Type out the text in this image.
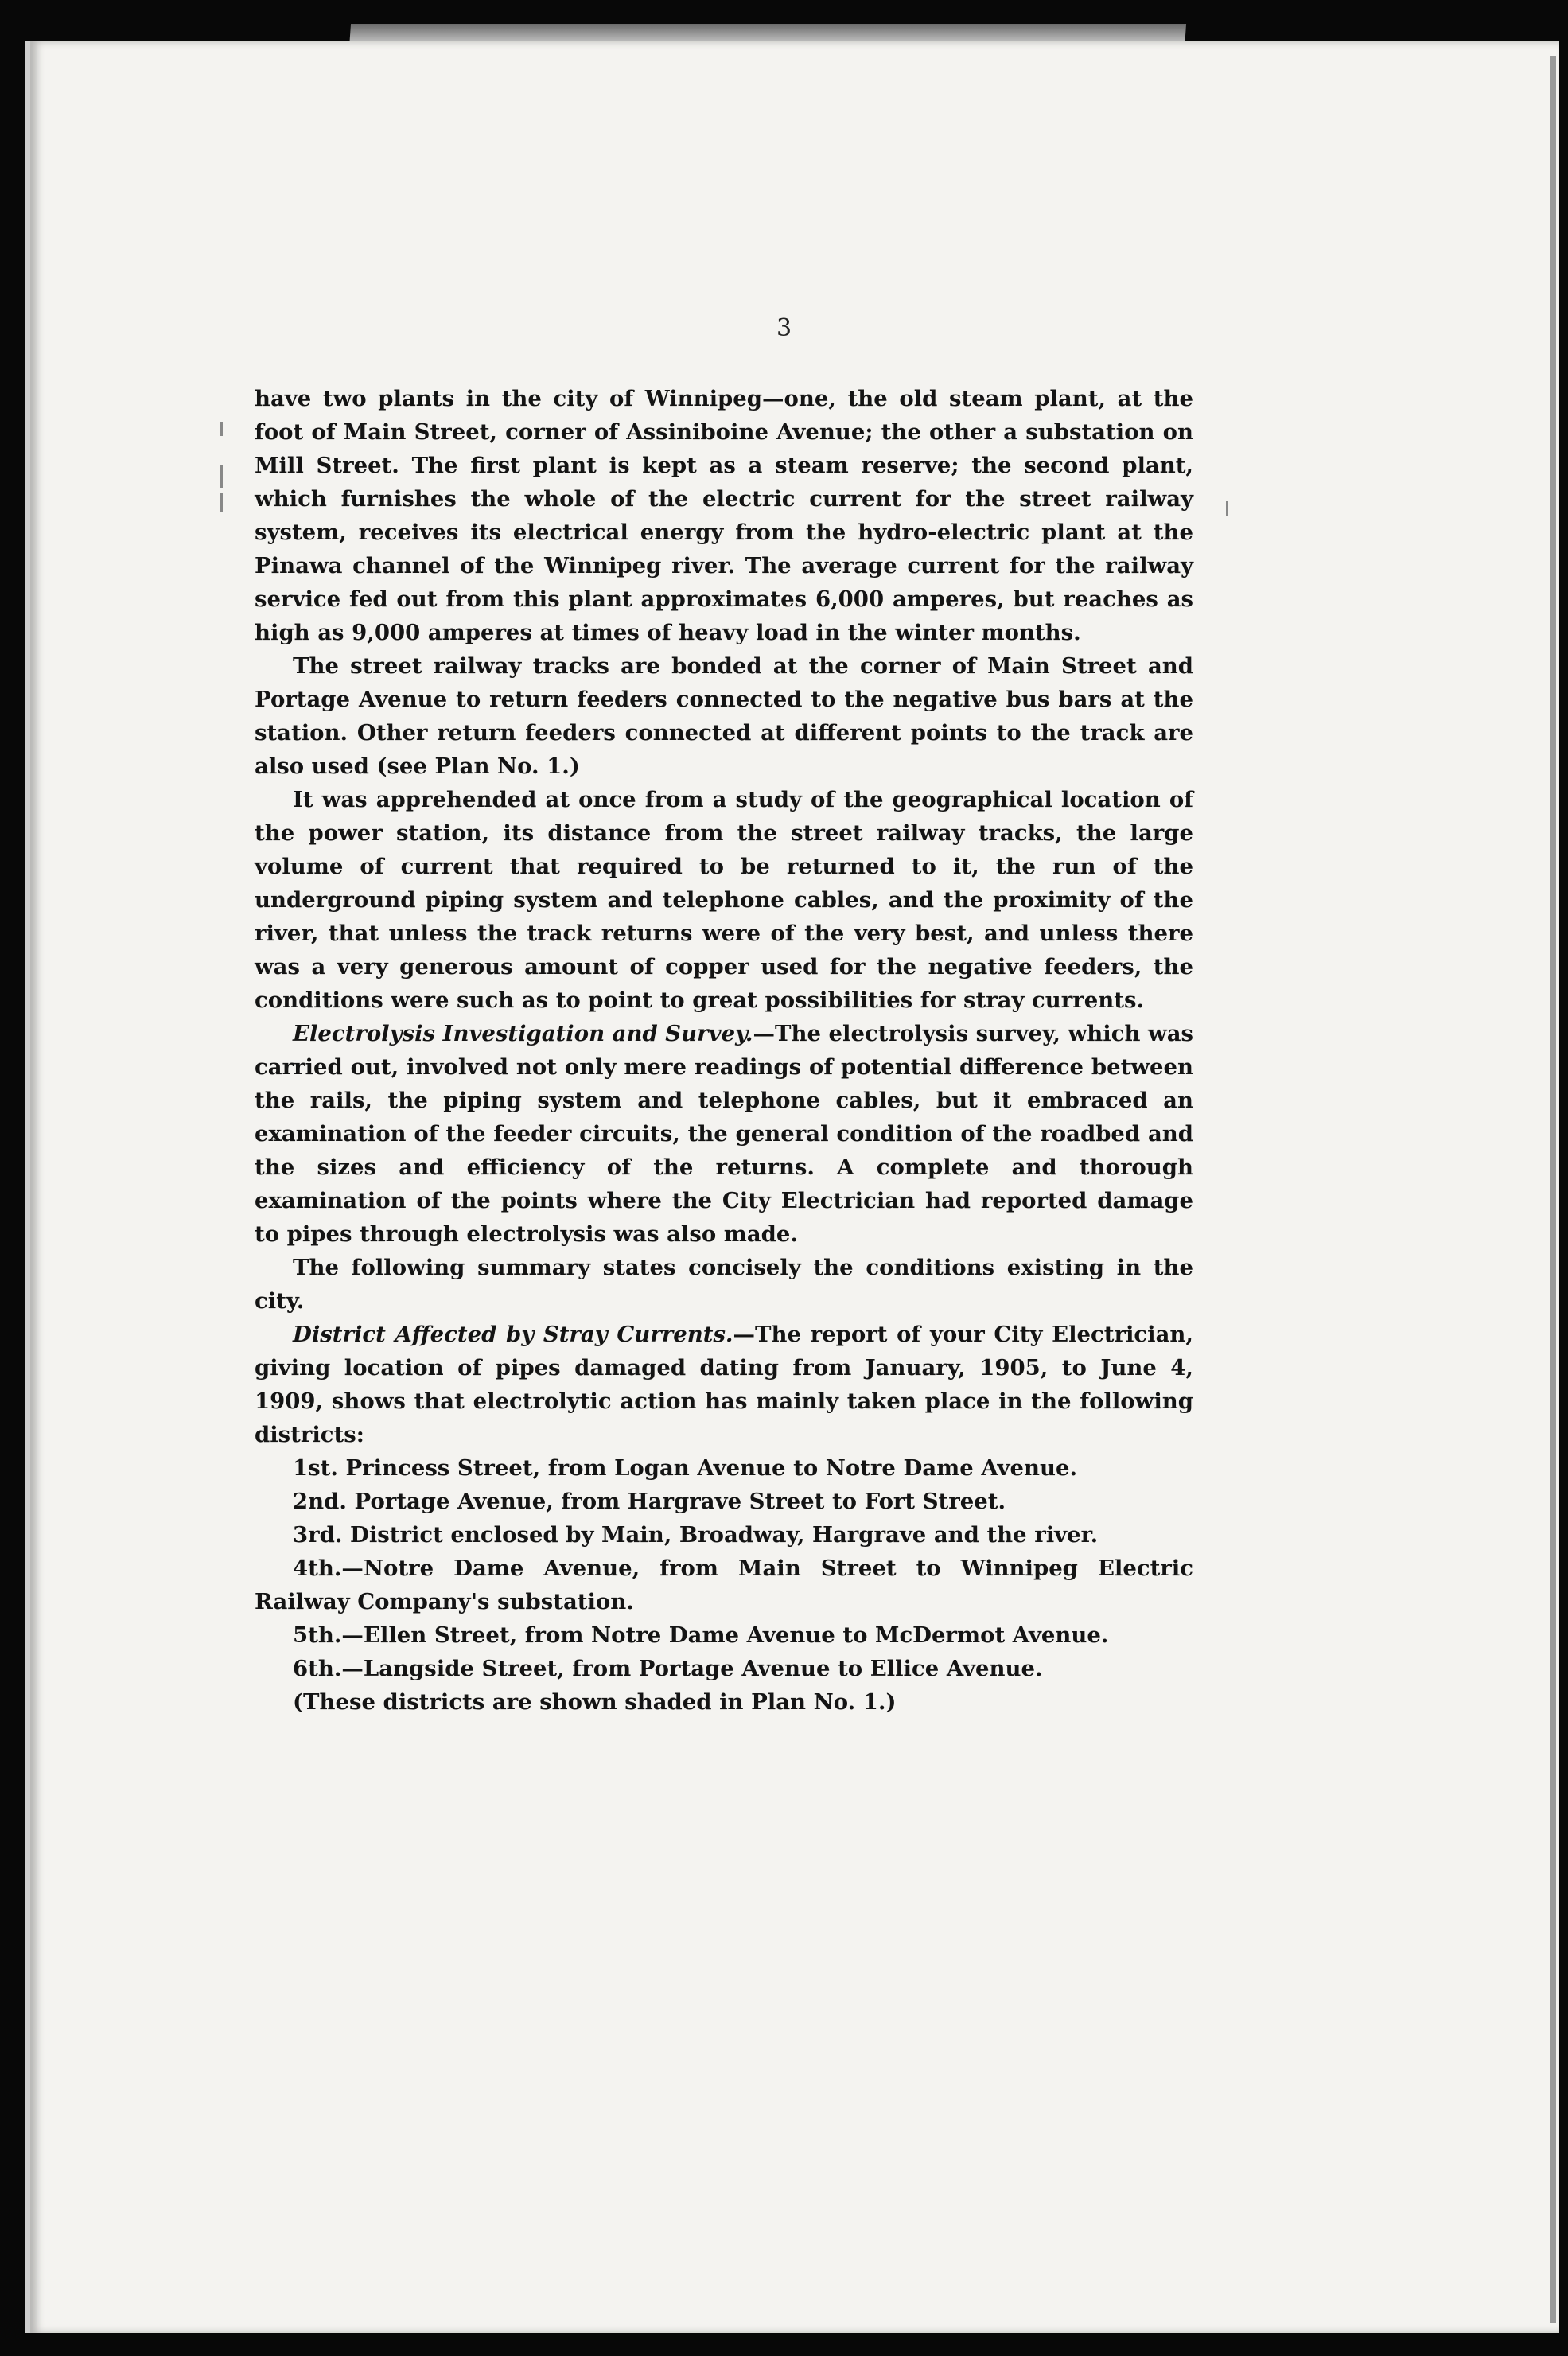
3

have two plants in the city of Winnipeg—one, the old steam plant, at the foot of Main Street, corner of Assiniboine Avenue; the other a substation on Mill Street. The first plant is kept as a steam reserve; the second plant, which furnishes the whole of the electric current for the street railway system, receives its electrical energy from the hydro-electric plant at the Pinawa channel of the Winnipeg river. The average current for the railway service fed out from this plant approximates 6,000 amperes, but reaches as high as 9,000 amperes at times of heavy load in the winter months.

The street railway tracks are bonded at the corner of Main Street and Portage Avenue to return feeders connected to the negative bus bars at the station. Other return feeders connected at different points to the track are also used (see Plan No. 1.)

It was apprehended at once from a study of the geographical location of the power station, its distance from the street railway tracks, the large volume of current that required to be returned to it, the run of the underground piping system and telephone cables, and the proximity of the river, that unless the track returns were of the very best, and unless there was a very generous amount of copper used for the negative feeders, the conditions were such as to point to great possibilities for stray currents.

Electrolysis Investigation and Survey.—The electrolysis survey, which was carried out, involved not only mere readings of potential difference between the rails, the piping system and telephone cables, but it embraced an examination of the feeder circuits, the general condition of the roadbed and the sizes and efficiency of the returns. A complete and thorough examination of the points where the City Electrician had reported damage to pipes through electrolysis was also made.

The following summary states concisely the conditions existing in the city.

District Affected by Stray Currents.—The report of your City Electrician, giving location of pipes damaged dating from January, 1905, to June 4, 1909, shows that electrolytic action has mainly taken place in the following districts:

1st. Princess Street, from Logan Avenue to Notre Dame Avenue.

2nd. Portage Avenue, from Hargrave Street to Fort Street.

3rd. District enclosed by Main, Broadway, Hargrave and the river.

4th.—Notre Dame Avenue, from Main Street to Winnipeg Electric Railway Company's substation.

5th.—Ellen Street, from Notre Dame Avenue to McDermot Avenue.

6th.—Langside Street, from Portage Avenue to Ellice Avenue.

(These districts are shown shaded in Plan No. 1.)
